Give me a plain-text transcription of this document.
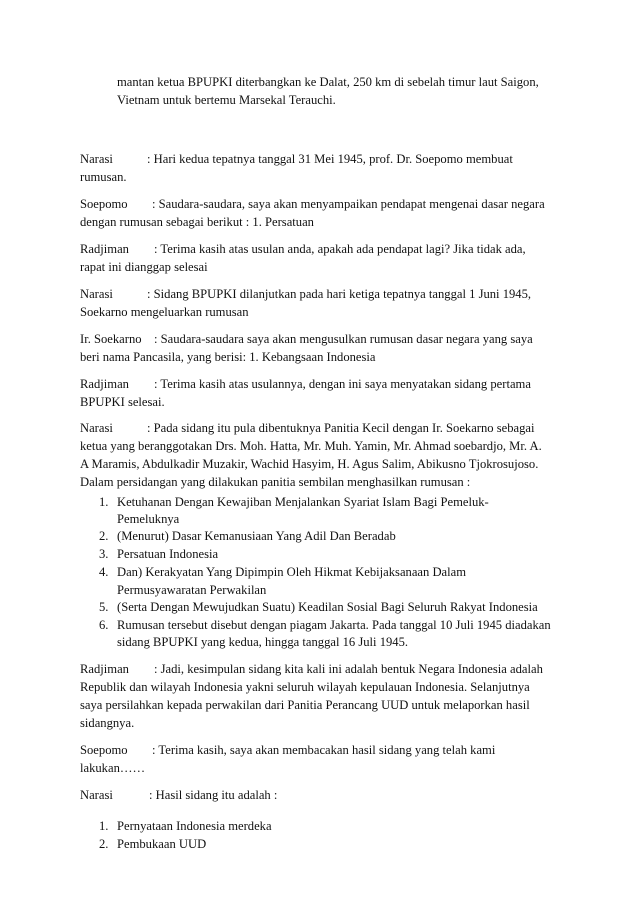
mantan ketua BPUPKI diterbangkan ke Dalat, 250 km di sebelah timur laut Saigon,
Vietnam untuk bertemu Marsekal Terauchi.
Narasi	: Hari kedua tepatnya tanggal 31 Mei 1945, prof. Dr. Soepomo membuat
rumusan.
Soepomo : Saudara-saudara, saya akan menyampaikan pendapat mengenai dasar negara
dengan rumusan sebagai berikut : 1. Persatuan
Radjiman : Terima kasih atas usulan anda, apakah ada pendapat lagi? Jika tidak ada,
rapat ini dianggap selesai
Narasi	: Sidang BPUPKI dilanjutkan pada hari ketiga tepatnya tanggal 1 Juni 1945,
Soekarno mengeluarkan rumusan
Ir. Soekarno : Saudara-saudara saya akan mengusulkan rumusan dasar negara yang saya
beri nama Pancasila, yang berisi: 1. Kebangsaan Indonesia
Radjiman : Terima kasih atas usulannya, dengan ini saya menyatakan sidang pertama
BPUPKI selesai.
Narasi	: Pada sidang itu pula dibentuknya Panitia Kecil dengan Ir. Soekarno sebagai
ketua yang beranggotakan Drs. Moh. Hatta, Mr. Muh. Yamin, Mr. Ahmad soebardjo, Mr. A.
A Maramis, Abdulkadir Muzakir, Wachid Hasyim, H. Agus Salim, Abikusno Tjokrosujoso.
Dalam persidangan yang dilakukan panitia sembilan menghasilkan rumusan :
1. Ketuhanan Dengan Kewajiban Menjalankan Syariat Islam Bagi Pemeluk-
Pemeluknya
2. (Menurut) Dasar Kemanusiaan Yang Adil Dan Beradab
3. Persatuan Indonesia
4. Dan) Kerakyatan Yang Dipimpin Oleh Hikmat Kebijaksanaan Dalam
Permusyawaratan Perwakilan
5. (Serta Dengan Mewujudkan Suatu) Keadilan Sosial Bagi Seluruh Rakyat Indonesia
6. Rumusan tersebut disebut dengan piagam Jakarta. Pada tanggal 10 Juli 1945 diadakan
sidang BPUPKI yang kedua, hingga tanggal 16 Juli 1945.
Radjiman : Jadi, kesimpulan sidang kita kali ini adalah bentuk Negara Indonesia adalah
Republik dan wilayah Indonesia yakni seluruh wilayah kepulauan Indonesia. Selanjutnya
saya persilahkan kepada perwakilan dari Panitia Perancang UUD untuk melaporkan hasil
sidangnya.
Soepomo : Terima kasih, saya akan membacakan hasil sidang yang telah kami
lakukan……
Narasi	: Hasil sidang itu adalah :
1. Pernyataan Indonesia merdeka
2. Pembukaan UUD
